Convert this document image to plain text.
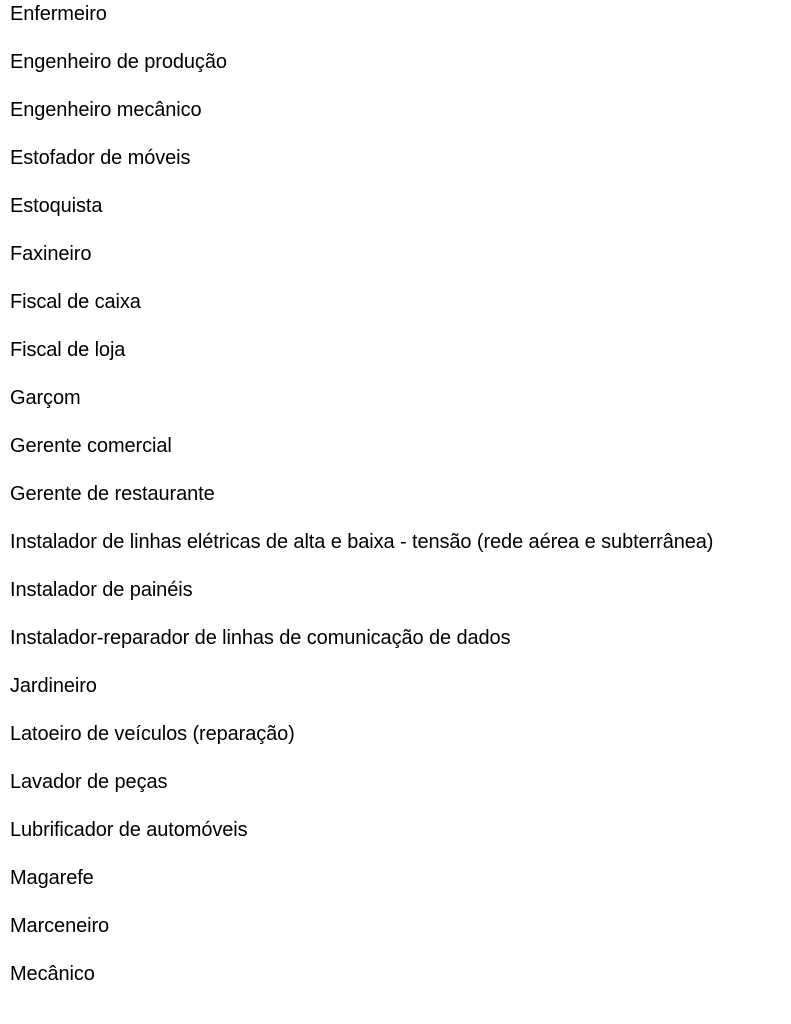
Enfermeiro
Engenheiro de produção
Engenheiro mecânico
Estofador de móveis
Estoquista
Faxineiro
Fiscal de caixa
Fiscal de loja
Garçom
Gerente comercial
Gerente de restaurante
Instalador de linhas elétricas de alta e baixa - tensão (rede aérea e subterrânea)
Instalador de painéis
Instalador-reparador de linhas de comunicação de dados
Jardineiro
Latoeiro de veículos (reparação)
Lavador de peças
Lubrificador de automóveis
Magarefe
Marceneiro
Mecânico
